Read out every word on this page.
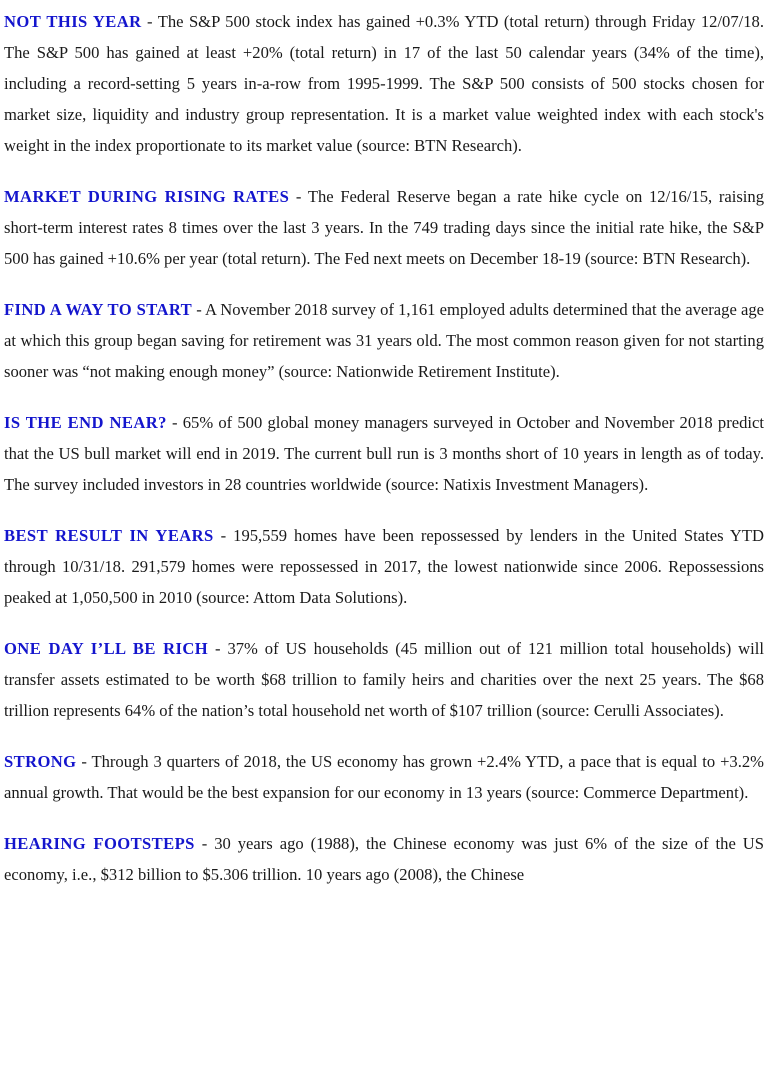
NOT THIS YEAR - The S&P 500 stock index has gained +0.3% YTD (total return) through Friday 12/07/18. The S&P 500 has gained at least +20% (total return) in 17 of the last 50 calendar years (34% of the time), including a record-setting 5 years in-a-row from 1995-1999. The S&P 500 consists of 500 stocks chosen for market size, liquidity and industry group representation. It is a market value weighted index with each stock's weight in the index proportionate to its market value (source: BTN Research).

MARKET DURING RISING RATES - The Federal Reserve began a rate hike cycle on 12/16/15, raising short-term interest rates 8 times over the last 3 years. In the 749 trading days since the initial rate hike, the S&P 500 has gained +10.6% per year (total return). The Fed next meets on December 18-19 (source: BTN Research).

FIND A WAY TO START - A November 2018 survey of 1,161 employed adults determined that the average age at which this group began saving for retirement was 31 years old. The most common reason given for not starting sooner was “not making enough money” (source: Nationwide Retirement Institute).

IS THE END NEAR? - 65% of 500 global money managers surveyed in October and November 2018 predict that the US bull market will end in 2019. The current bull run is 3 months short of 10 years in length as of today. The survey included investors in 28 countries worldwide (source: Natixis Investment Managers).

BEST RESULT IN YEARS - 195,559 homes have been repossessed by lenders in the United States YTD through 10/31/18. 291,579 homes were repossessed in 2017, the lowest nationwide since 2006. Repossessions peaked at 1,050,500 in 2010 (source: Attom Data Solutions).

ONE DAY I’LL BE RICH - 37% of US households (45 million out of 121 million total households) will transfer assets estimated to be worth $68 trillion to family heirs and charities over the next 25 years. The $68 trillion represents 64% of the nation’s total household net worth of $107 trillion (source: Cerulli Associates).

STRONG - Through 3 quarters of 2018, the US economy has grown +2.4% YTD, a pace that is equal to +3.2% annual growth. That would be the best expansion for our economy in 13 years (source: Commerce Department).

HEARING FOOTSTEPS - 30 years ago (1988), the Chinese economy was just 6% of the size of the US economy, i.e., $312 billion to $5.306 trillion. 10 years ago (2008), the Chinese
